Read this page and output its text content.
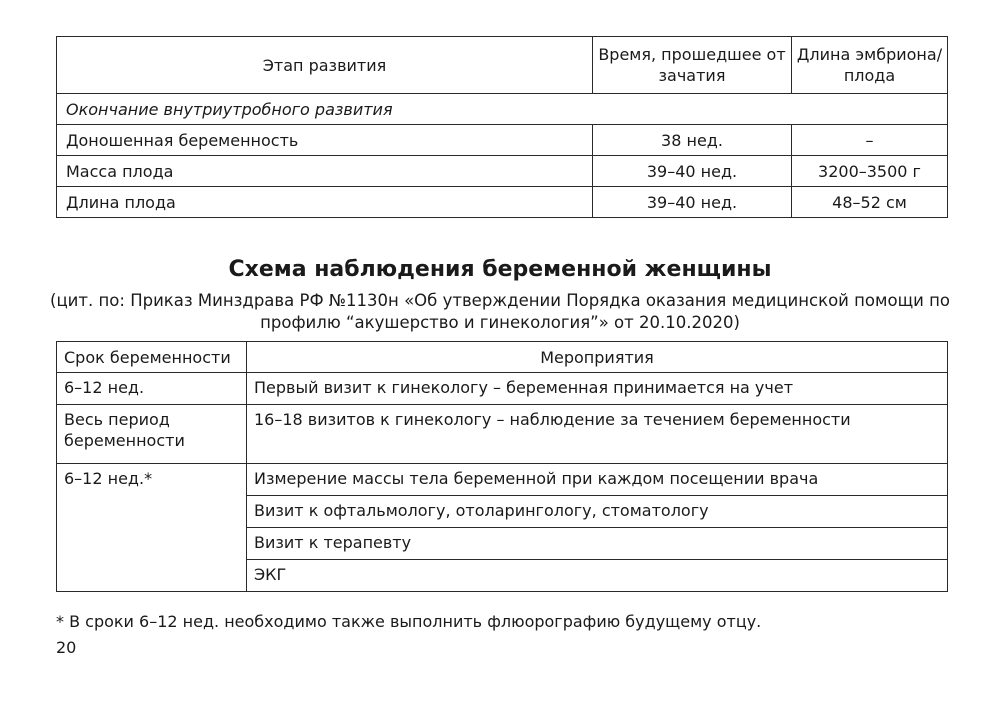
Этап развития	Время, прошедшее от зачатия	Длина эмбриона/ плода
Окончание внутриутробного развития		
Доношенная беременность	38 нед.	–
Масса плода	39–40 нед.	3200–3500 г
Длина плода	39–40 нед.	48–52 см
Схема наблюдения беременной женщины
(цит. по: Приказ Минздрава РФ №1130н «Об утверждении Порядка оказания медицинской помощи по профилю “акушерство и гинекология”» от 20.10.2020)
Срок беременности	Мероприятия
6–12 нед.	Первый визит к гинекологу – беременная принимается на учет
Весь период беременности	16–18 визитов к гинекологу – наблюдение за течением беременности
6–12 нед.*	Измерение массы тела беременной при каждом посещении врача
	Визит к офтальмологу, отоларингологу, стоматологу
	Визит к терапевту
	ЭКГ
* В сроки 6–12 нед. необходимо также выполнить флюорографию будущему отцу.
20
